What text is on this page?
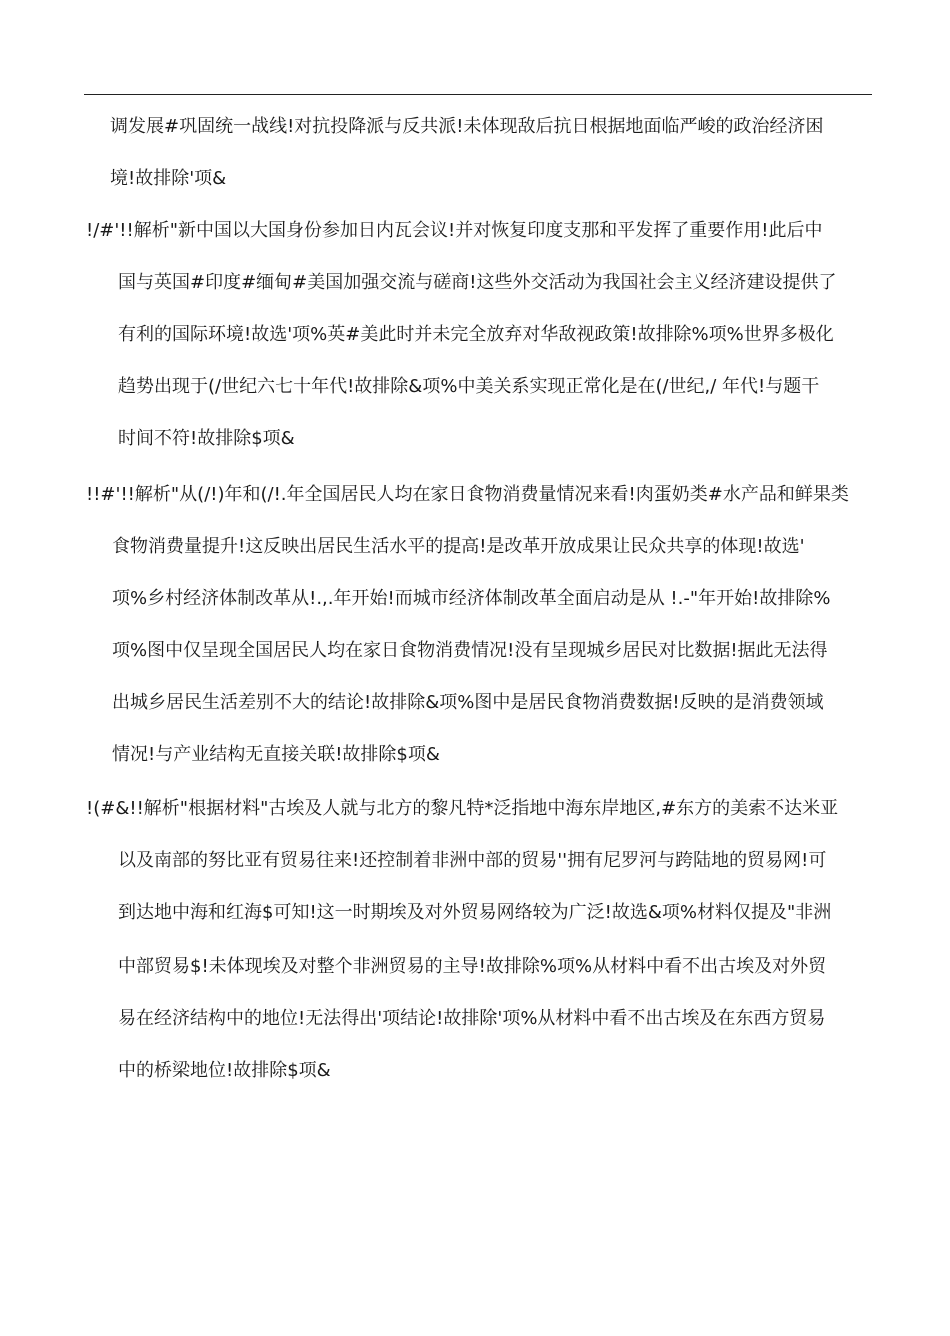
调发展#巩固统一战线!对抗投降派与反共派!未体现敌后抗日根据地面临严峻的政治经济困
境!故排除'项&
!/#'!!解析"新中国以大国身份参加日内瓦会议!并对恢复印度支那和平发挥了重要作用!此后中
国与英国#印度#缅甸#美国加强交流与磋商!这些外交活动为我国社会主义经济建设提供了
有利的国际环境!故选'项%英#美此时并未完全放弃对华敌视政策!故排除%项%世界多极化
趋势出现于(/世纪六七十年代!故排除&项%中美关系实现正常化是在(/世纪,/ 年代!与题干
时间不符!故排除$项&
!!#'!!解析"从(/!)年和(/!.年全国居民人均在家日食物消费量情况来看!肉蛋奶类#水产品和鲜果类
食物消费量提升!这反映出居民生活水平的提高!是改革开放成果让民众共享的体现!故选'
项%乡村经济体制改革从!.,.年开始!而城市经济体制改革全面启动是从 !.-"年开始!故排除%
项%图中仅呈现全国居民人均在家日食物消费情况!没有呈现城乡居民对比数据!据此无法得
出城乡居民生活差别不大的结论!故排除&项%图中是居民食物消费数据!反映的是消费领域
情况!与产业结构无直接关联!故排除$项&
!(#&!!解析"根据材料"古埃及人就与北方的黎凡特*泛指地中海东岸地区,#东方的美索不达米亚
以及南部的努比亚有贸易往来!还控制着非洲中部的贸易''拥有尼罗河与跨陆地的贸易网!可
到达地中海和红海$可知!这一时期埃及对外贸易网络较为广泛!故选&项%材料仅提及"非洲
中部贸易$!未体现埃及对整个非洲贸易的主导!故排除%项%从材料中看不出古埃及对外贸
易在经济结构中的地位!无法得出'项结论!故排除'项%从材料中看不出古埃及在东西方贸易
中的桥梁地位!故排除$项&
